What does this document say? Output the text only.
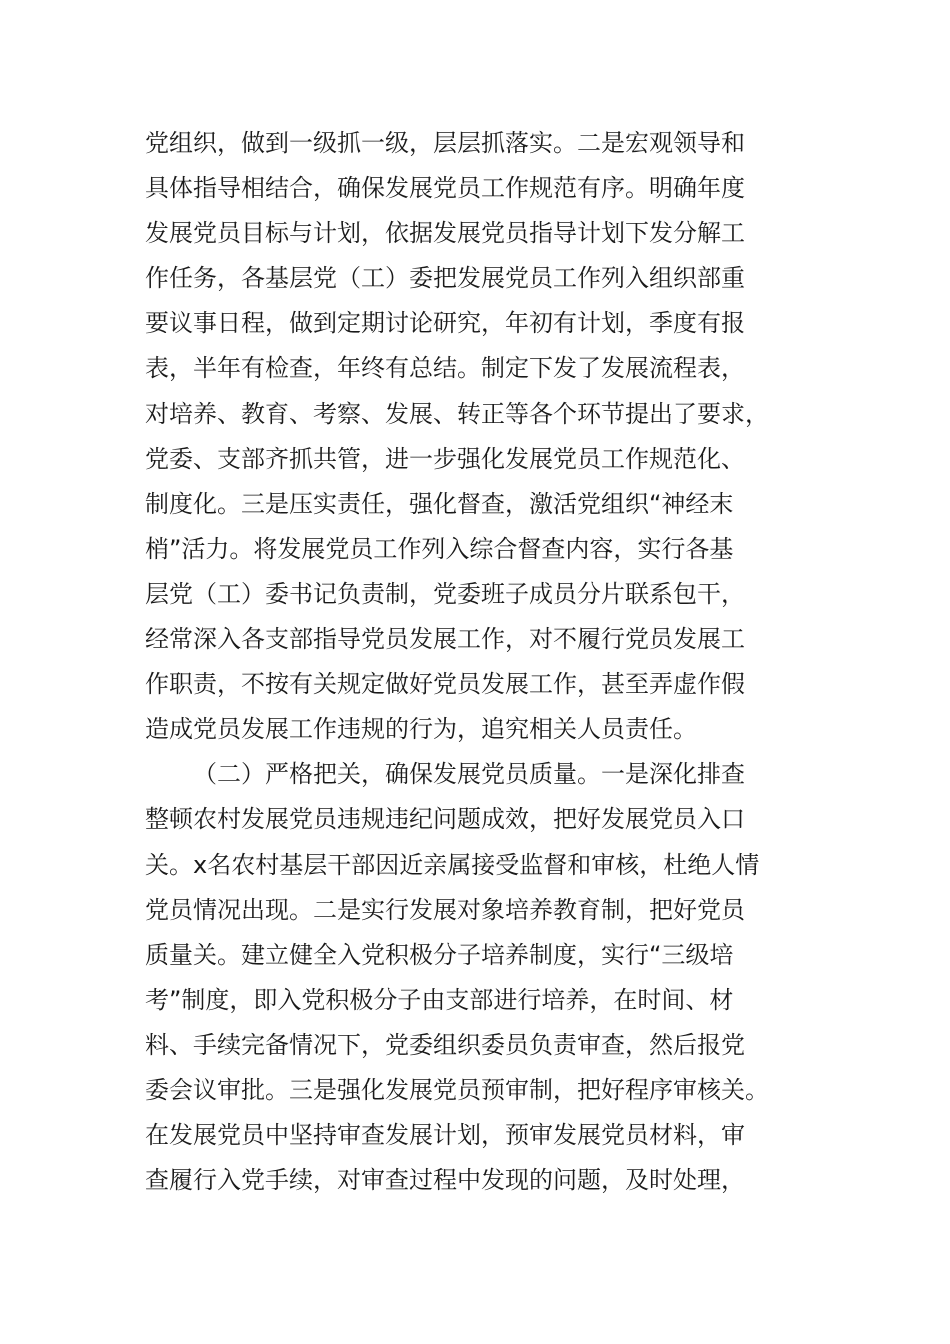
党组织，做到一级抓一级，层层抓落实。二是宏观领导和
具体指导相结合，确保发展党员工作规范有序。明确年度
发展党员目标与计划，依据发展党员指导计划下发分解工
作任务，各基层党（工）委把发展党员工作列入组织部重
要议事日程，做到定期讨论研究，年初有计划，季度有报
表，半年有检查，年终有总结。制定下发了发展流程表，
对培养、教育、考察、发展、转正等各个环节提出了要求，
党委、支部齐抓共管，进一步强化发展党员工作规范化、
制度化。三是压实责任，强化督查，激活党组织“神经末
梢”活力。将发展党员工作列入综合督查内容，实行各基
层党（工）委书记负责制，党委班子成员分片联系包干，
经常深入各支部指导党员发展工作，对不履行党员发展工
作职责，不按有关规定做好党员发展工作，甚至弄虚作假
造成党员发展工作违规的行为，追究相关人员责任。
（二）严格把关，确保发展党员质量。一是深化排查
整顿农村发展党员违规违纪问题成效，把好发展党员入口
关。x名农村基层干部因近亲属接受监督和审核，杜绝人情
党员情况出现。二是实行发展对象培养教育制，把好党员
质量关。建立健全入党积极分子培养制度，实行“三级培
考”制度，即入党积极分子由支部进行培养，在时间、材
料、手续完备情况下，党委组织委员负责审查，然后报党
委会议审批。三是强化发展党员预审制，把好程序审核关。
在发展党员中坚持审查发展计划，预审发展党员材料，审
查履行入党手续，对审查过程中发现的问题，及时处理，
